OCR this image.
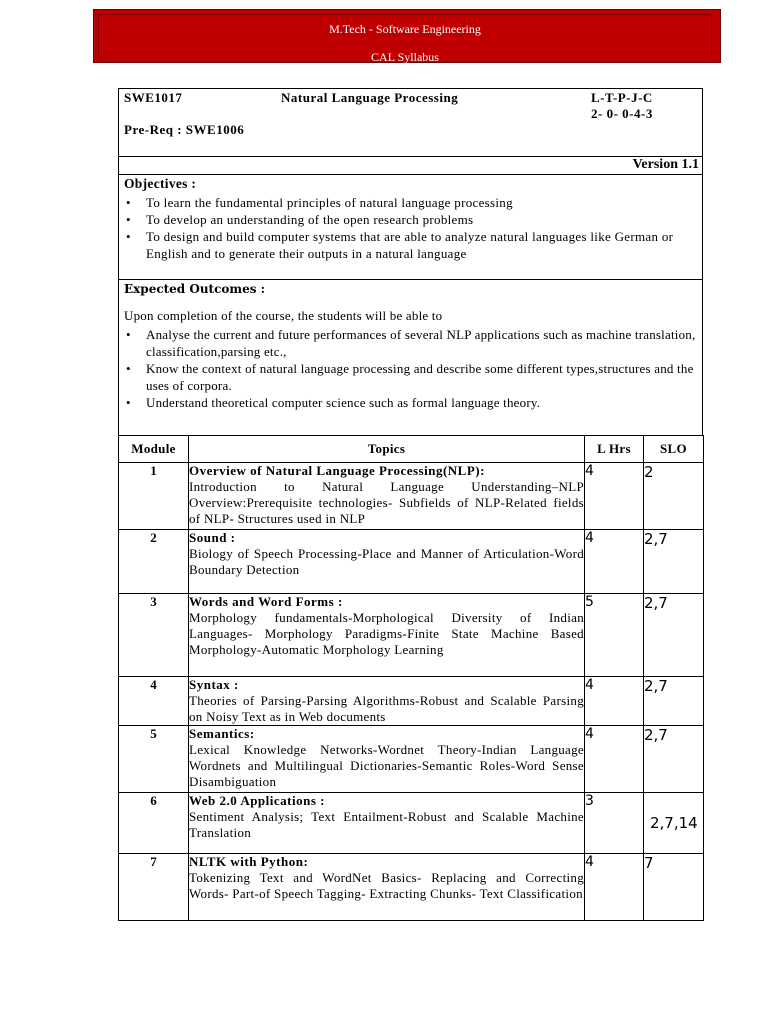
M.Tech - Software Engineering
CAL Syllabus
SWE1017	Natural Language Processing	L-T-P-J-C
2- 0- 0-4-3
Pre-Req : SWE1006
Version 1.1
Objectives :
• To learn the fundamental principles of natural language processing
• To develop an understanding of the open research problems
• To design and build computer systems that are able to analyze natural languages like German or English and to generate their outputs in a natural language
Expected Outcomes :
Upon completion of the course, the students will be able to
• Analyse the current and future performances of several NLP applications such as machine translation, classification,parsing etc.,
• Know the context of natural language processing and describe some different types,structures and the uses of corpora.
• Understand theoretical computer science such as formal language theory.
Module	Topics	L Hrs	SLO
1	Overview of Natural Language Processing(NLP):
Introduction to Natural Language Understanding–NLP Overview:Prerequisite technologies- Subfields of NLP-Related fields of NLP- Structures used in NLP	4	2
2	Sound :
Biology of Speech Processing-Place and Manner of Articulation-Word Boundary Detection	4	2,7
3	Words and Word Forms :
Morphology fundamentals-Morphological Diversity of Indian Languages- Morphology Paradigms-Finite State Machine Based Morphology-Automatic Morphology Learning	5	2,7
4	Syntax :
Theories of Parsing-Parsing Algorithms-Robust and Scalable Parsing on Noisy Text as in Web documents	4	2,7
5	Semantics:
Lexical Knowledge Networks-Wordnet Theory-Indian Language Wordnets and Multilingual Dictionaries-Semantic Roles-Word Sense Disambiguation	4	2,7
6	Web 2.0 Applications :
Sentiment Analysis; Text Entailment-Robust and Scalable Machine Translation	3	2,7,14
7	NLTK with Python:
Tokenizing Text and WordNet Basics- Replacing and Correcting Words- Part-of Speech Tagging- Extracting Chunks- Text Classification	4	7
